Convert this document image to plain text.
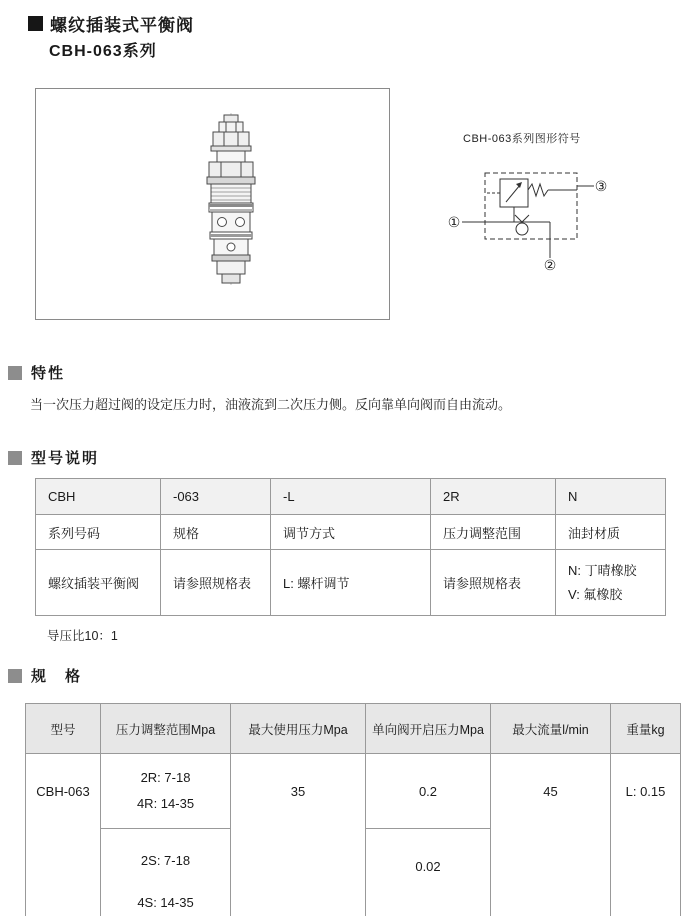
螺纹插装式平衡阀
CBH-063系列
CBH-063系列图形符号
①
②
③
特性

当一次压力超过阀的设定压力时，油液流到二次压力侧。反向靠单向阀而自由流动。

型号说明
CBH	-063	-L	2R	N
系列号码	规格	调节方式	压力调整范围	油封材质
螺纹插装平衡阀	请参照规格表	L: 螺杆调节	请参照规格表	N: 丁晴橡胶
V: 氟橡胶
导压比10：1
规　格
型号	压力调整范围Mpa	最大使用压力Mpa	单向阀开启压力Mpa	最大流量l/min	重量kg

CBH-063	2R: 7-18
4R: 14-35	35	0.2	45	L: 0.15

	2S: 7-18
4S: 14-35		0.02		
